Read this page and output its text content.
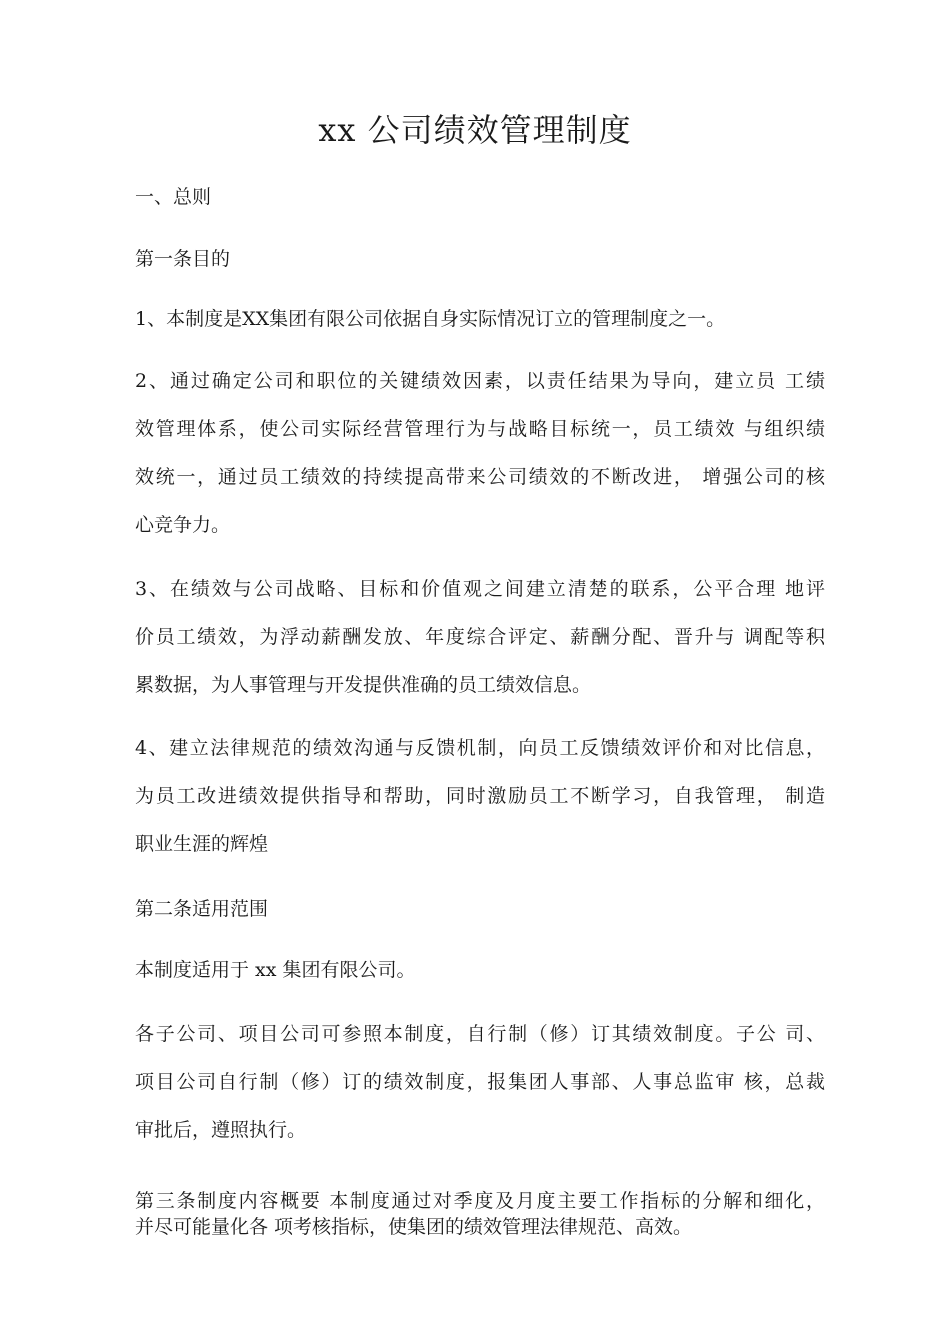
xx 公司绩效管理制度
一、总则
第一条目的
1、本制度是XX集团有限公司依据自身实际情况订立的管理制度之一。
2、通过确定公司和职位的关键绩效因素，以责任结果为导向，建立员 工绩
效管理体系，使公司实际经营管理行为与战略目标统一，员工绩效 与组织绩
效统一，通过员工绩效的持续提高带来公司绩效的不断改进， 增强公司的核
心竞争力。
3、在绩效与公司战略、目标和价值观之间建立清楚的联系，公平合理 地评
价员工绩效，为浮动薪酬发放、年度综合评定、薪酬分配、晋升与 调配等积
累数据，为人事管理与开发提供准确的员工绩效信息。
4、建立法律规范的绩效沟通与反馈机制，向员工反馈绩效评价和对比信息，
为员工改进绩效提供指导和帮助，同时激励员工不断学习，自我管理， 制造
职业生涯的辉煌
第二条适用范围
本制度适用于 xx 集团有限公司。
各子公司、项目公司可参照本制度，自行制（修）订其绩效制度。子公 司、
项目公司自行制（修）订的绩效制度，报集团人事部、人事总监审 核，总裁
审批后，遵照执行。
第三条制度内容概要 本制度通过对季度及月度主要工作指标的分解和细化，
并尽可能量化各 项考核指标，使集团的绩效管理法律规范、高效。
